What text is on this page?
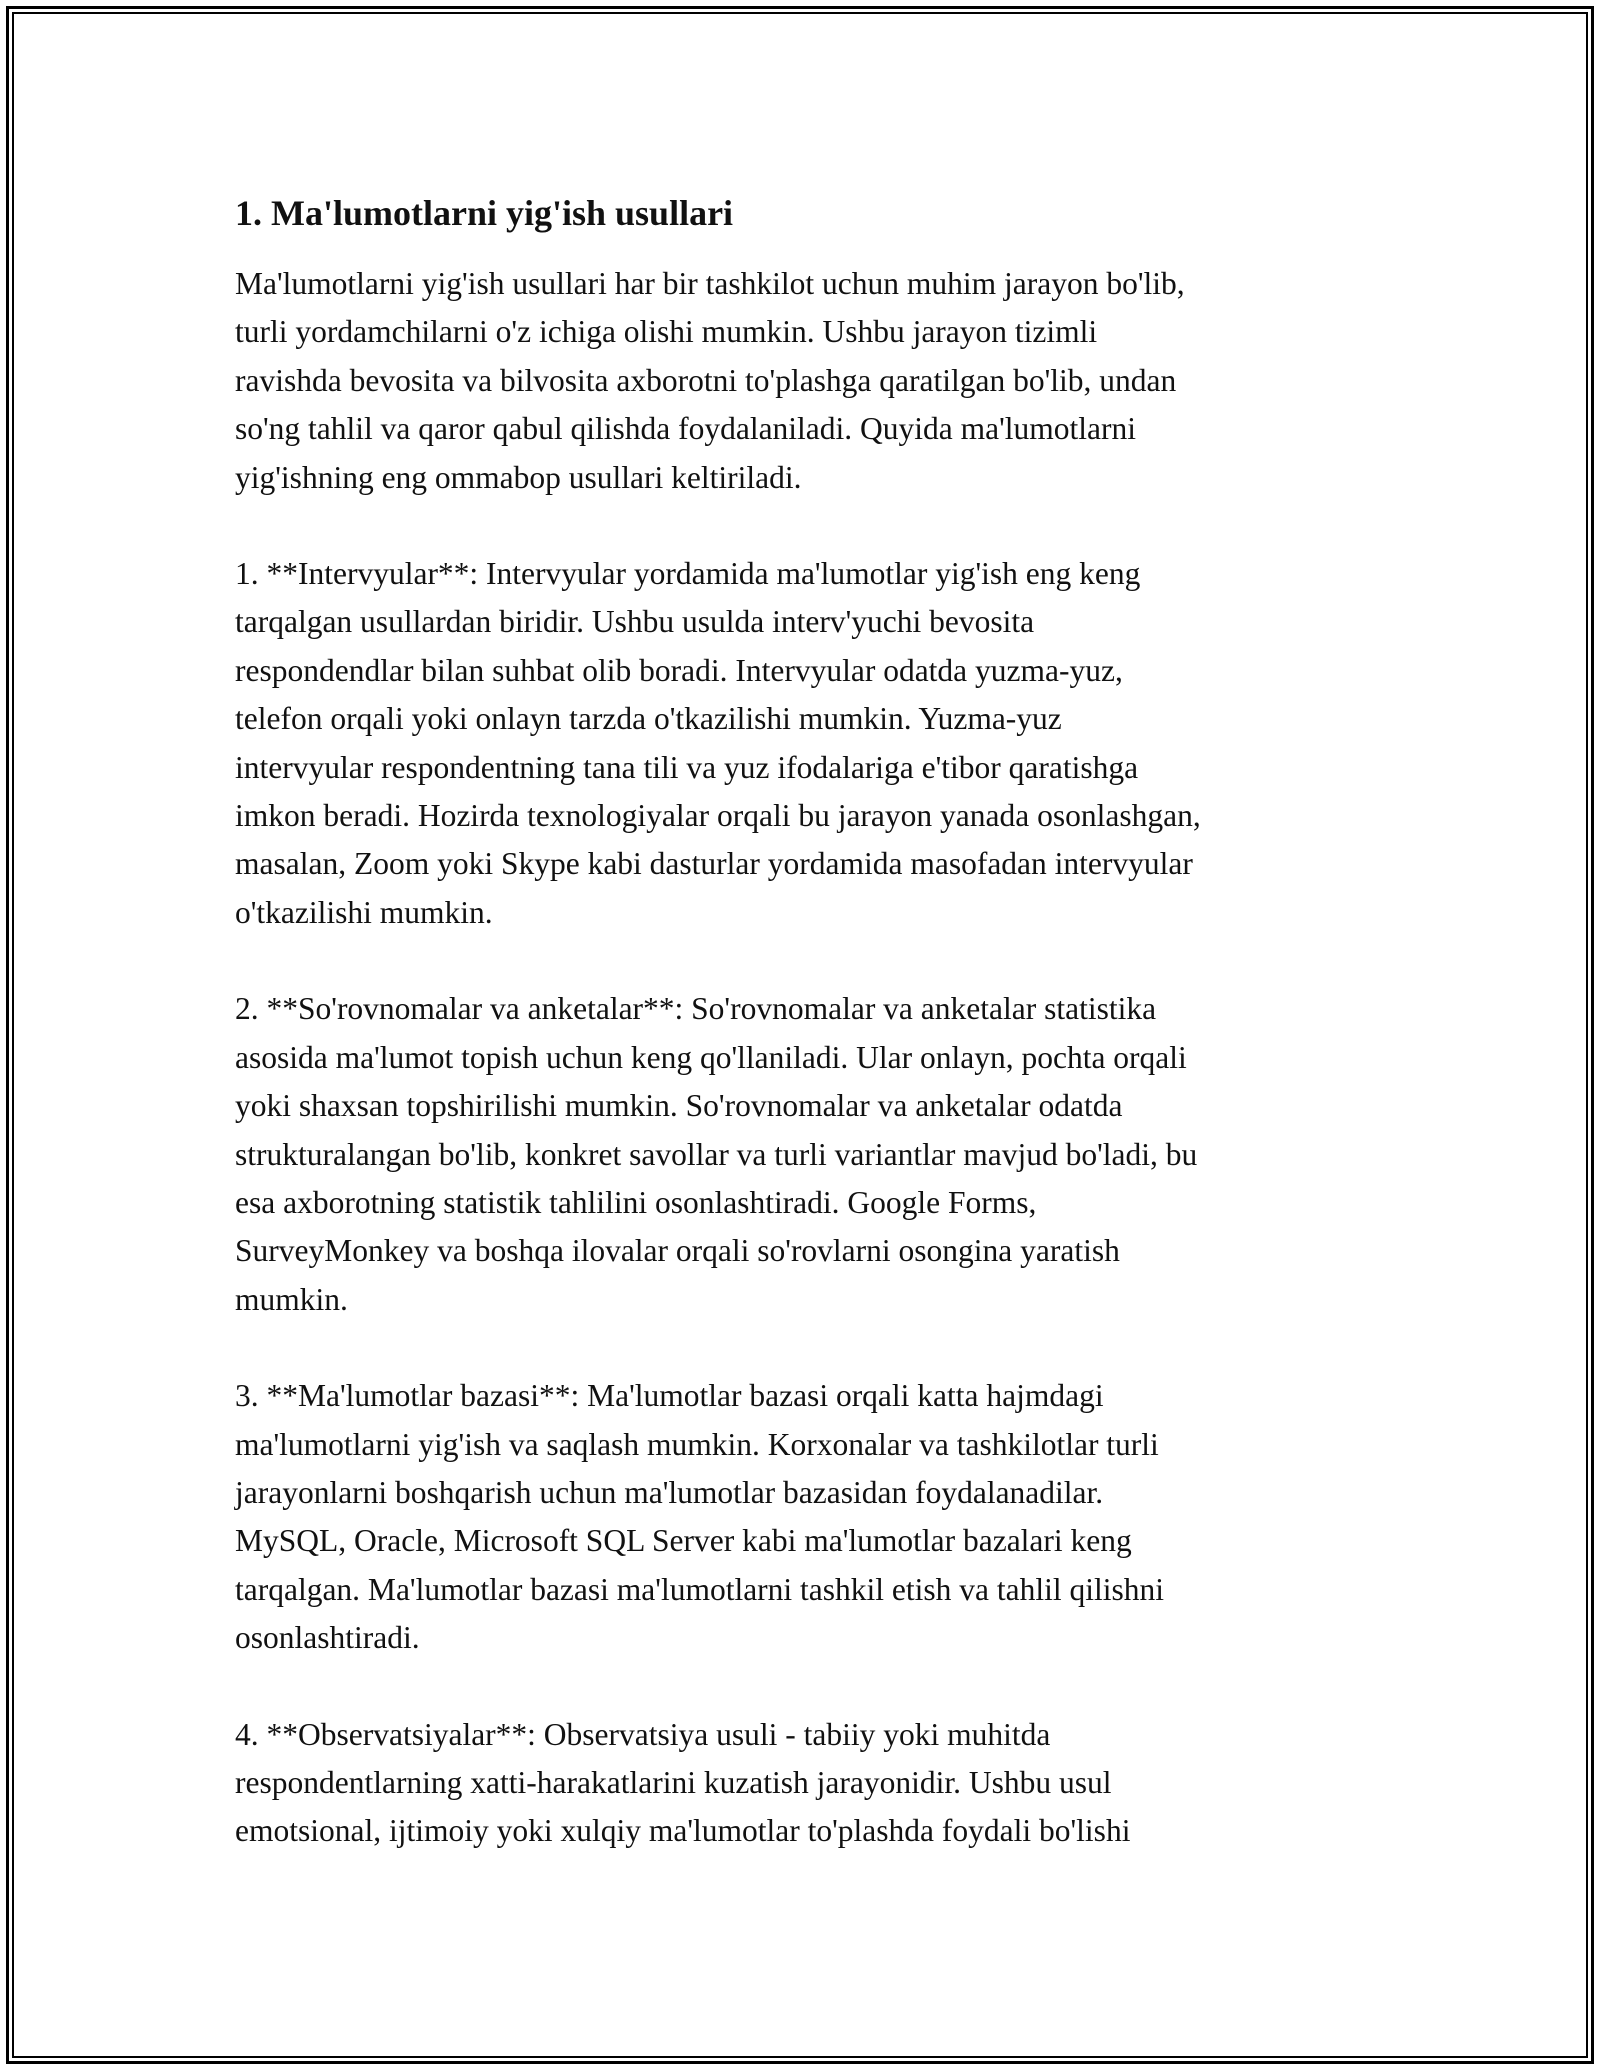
1. Ma'lumotlarni yig'ish usullari

Ma'lumotlarni yig'ish usullari har bir tashkilot uchun muhim jarayon bo'lib,
turli yordamchilarni o'z ichiga olishi mumkin. Ushbu jarayon tizimli
ravishda bevosita va bilvosita axborotni to'plashga qaratilgan bo'lib, undan
so'ng tahlil va qaror qabul qilishda foydalaniladi. Quyida ma'lumotlarni
yig'ishning eng ommabop usullari keltiriladi.

1. **Intervyular**: Intervyular yordamida ma'lumotlar yig'ish eng keng
tarqalgan usullardan biridir. Ushbu usulda interv'yuchi bevosita
respondendlar bilan suhbat olib boradi. Intervyular odatda yuzma-yuz,
telefon orqali yoki onlayn tarzda o'tkazilishi mumkin. Yuzma-yuz
intervyular respondentning tana tili va yuz ifodalariga e'tibor qaratishga
imkon beradi. Hozirda texnologiyalar orqali bu jarayon yanada osonlashgan,
masalan, Zoom yoki Skype kabi dasturlar yordamida masofadan intervyular
o'tkazilishi mumkin.

2. **So'rovnomalar va anketalar**: So'rovnomalar va anketalar statistika
asosida ma'lumot topish uchun keng qo'llaniladi. Ular onlayn, pochta orqali
yoki shaxsan topshirilishi mumkin. So'rovnomalar va anketalar odatda
strukturalangan bo'lib, konkret savollar va turli variantlar mavjud bo'ladi, bu
esa axborotning statistik tahlilini osonlashtiradi. Google Forms,
SurveyMonkey va boshqa ilovalar orqali so'rovlarni osongina yaratish
mumkin.

3. **Ma'lumotlar bazasi**: Ma'lumotlar bazasi orqali katta hajmdagi
ma'lumotlarni yig'ish va saqlash mumkin. Korxonalar va tashkilotlar turli
jarayonlarni boshqarish uchun ma'lumotlar bazasidan foydalanadilar.
MySQL, Oracle, Microsoft SQL Server kabi ma'lumotlar bazalari keng
tarqalgan. Ma'lumotlar bazasi ma'lumotlarni tashkil etish va tahlil qilishni
osonlashtiradi.

4. **Observatsiyalar**: Observatsiya usuli - tabiiy yoki muhitda
respondentlarning xatti-harakatlarini kuzatish jarayonidir. Ushbu usul
emotsional, ijtimoiy yoki xulqiy ma'lumotlar to'plashda foydali bo'lishi
